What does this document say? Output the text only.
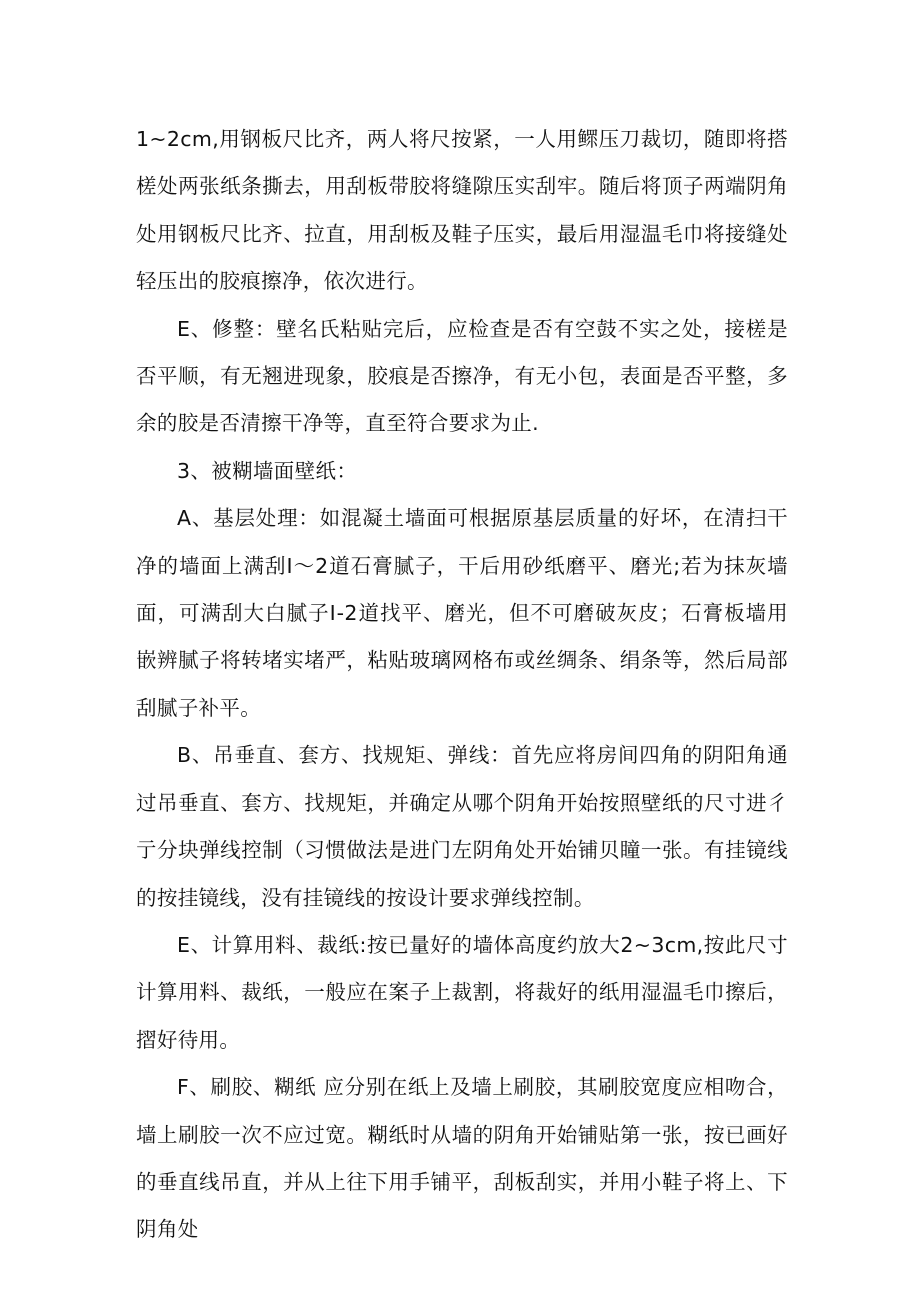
1~2cm,用钢板尺比齐，两人将尺按紧，一人用鳏压刀裁切，随即将搭槎处两张纸条撕去，用刮板带胶将缝隙压实刮牢。随后将顶子两端阴角处用钢板尺比齐、拉直，用刮板及鞋子压实，最后用湿温毛巾将接缝处轻压出的胶痕擦净，依次进行。

E、修整：壁名氏粘贴完后，应检查是否有空鼓不实之处，接槎是否平顺，有无翘进现象，胶痕是否擦净，有无小包，表面是否平整，多余的胶是否清擦干净等，直至符合要求为止.

3、被糊墙面壁纸：

A、基层处理：如混凝土墙面可根据原基层质量的好坏，在清扫干净的墙面上满刮Ⅰ〜2道石膏腻子，干后用砂纸磨平、磨光;若为抹灰墙面，可满刮大白腻子Ⅰ-2道找平、磨光，但不可磨破灰皮；石膏板墙用嵌辨腻子将转堵实堵严，粘贴玻璃网格布或丝绸条、绢条等，然后局部刮腻子补平。

B、吊垂直、套方、找规矩、弹线：首先应将房间四角的阴阳角通过吊垂直、套方、找规矩，并确定从哪个阴角开始按照壁纸的尺寸进彳亍分块弹线控制（习惯做法是进门左阴角处开始铺贝瞳一张。有挂镜线的按挂镜线，没有挂镜线的按设计要求弹线控制。

E、计算用料、裁纸:按已量好的墙体高度约放大2~3cm,按此尺寸计算用料、裁纸，一般应在案子上裁割，将裁好的纸用湿温毛巾擦后，摺好待用。

F、刷胶、糊纸 应分别在纸上及墙上刷胶，其刷胶宽度应相吻合，墙上刷胶一次不应过宽。糊纸时从墙的阴角开始铺贴第一张，按已画好的垂直线吊直，并从上往下用手铺平，刮板刮实，并用小鞋子将上、下阴角处
